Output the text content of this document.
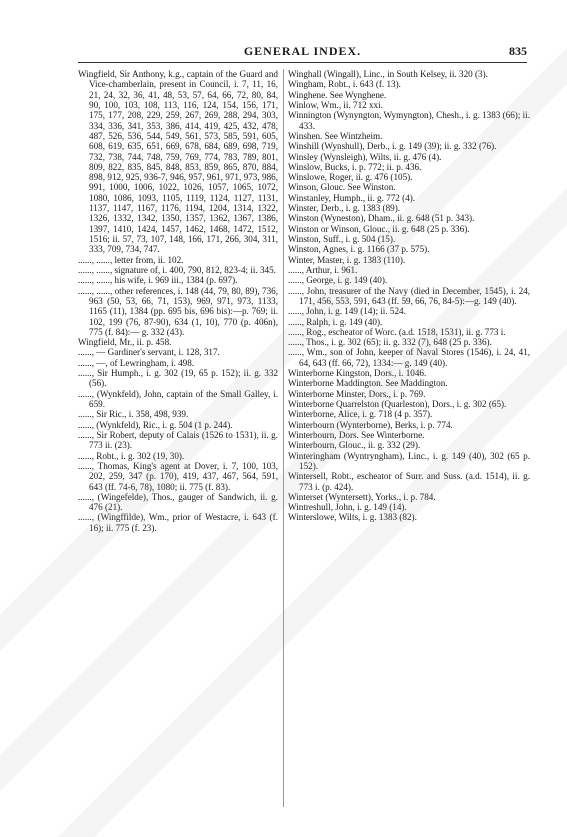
GENERAL INDEX.	835

Wingfield, Sir Anthony, k.g., captain of the Guard and Vice-chamberlain, present in Council, i. 7, 11, 16, 21, 24, 32, 36, 41, 48, 53, 57, 64, 66, 72, 80, 84, 90, 100, 103, 108, 113, 116, 124, 154, 156, 171, 175, 177, 208, 229, 259, 267, 269, 288, 294, 303, 334, 336, 341, 353, 386, 414, 419, 425, 432, 478, 487, 526, 536, 544, 549, 561, 573, 585, 591, 605, 608, 619, 635, 651, 669, 678, 684, 689, 698, 719, 732, 738, 744, 748, 759, 769, 774, 783, 789, 801, 809, 822, 835, 845, 848, 853, 859, 865, 870, 884, 898, 912, 925, 936-7, 946, 957, 961, 971, 973, 986, 991, 1000, 1006, 1022, 1026, 1057, 1065, 1072, 1080, 1086, 1093, 1105, 1119, 1124, 1127, 1131, 1137, 1147, 1167, 1176, 1194, 1204, 1314, 1322, 1326, 1332, 1342, 1350, 1357, 1362, 1367, 1386, 1397, 1410, 1424, 1457, 1462, 1468, 1472, 1512, 1516; ii. 57, 73, 107, 148, 166, 171, 266, 304, 311, 333, 709, 734, 747.

......, ......, letter from, ii. 102.

......, ......, signature of, i. 400, 790, 812, 823-4; ii. 345.

......, ......, his wife, i. 969 iii., 1384 (p. 697).

......, ......, other references, i. 148 (44, 79, 80, 89), 736, 963 (50, 53, 66, 71, 153), 969, 971, 973, 1133, 1165 (11), 1384 (pp. 695 bis, 696 bis):—p. 769; ii. 102, 199 (76, 87-90), 634 (1, 10), 770 (p. 406n), 775 (f. 84):— g. 332 (43).

Wingfield, Mr., ii. p. 458.

......, — Gardiner's servant, i. 128, 317.

......, —, of Lewringham, i. 498.

......, Sir Humph., i. g. 302 (19, 65 p. 152); ii. g. 332 (56).

......, (Wynkfeld), John, captain of the Small Galley, i. 659.

......, Sir Ric., i. 358, 498, 939.

......, (Wynkfeld), Ric., i. g. 504 (1 p. 244).

......, Sir Robert, deputy of Calais (1526 to 1531), ii. g. 773 ii. (23).

......, Robt., i. g. 302 (19, 30).

......, Thomas, King's agent at Dover, i. 7, 100, 103, 202, 259, 347 (p. 170), 419, 437, 467, 564, 591, 643 (ff. 74-6, 78), 1080; ii. 775 (f. 83).

......, (Wingefelde), Thos., gauger of Sandwich, ii. g. 476 (21).

......, (Wingffilde), Wm., prior of Westacre, i. 643 (f. 16); ii. 775 (f. 23).

Winghall (Wingall), Linc., in South Kelsey, ii. 320 (3).

Wingham, Robt., i. 643 (f. 13).

Winghene. See Wynghene.

Winlow, Wm., ii. 712 xxi.

Winnington (Wynyngton, Wymyngton), Chesh., i. g. 1383 (66); ii. 433.

Winshen. See Wintzheim.

Winshill (Wynshull), Derb., i. g. 149 (39); ii. g. 332 (76).

Winsley (Wynsleigh), Wilts, ii. g. 476 (4).

Winslow, Bucks, i. p. 772; ii. p. 436.

Winslowe, Roger, ii. g. 476 (105).

Winson, Glouc. See Winston.

Winstanley, Humph., ii. g. 772 (4).

Winster, Derb., i. g. 1383 (89).

Winston (Wyneston), Dham., ii. g. 648 (51 p. 343).

Winston or Winson, Glouc., ii. g. 648 (25 p. 336).

Winston, Suff., i. g. 504 (15).

Winston, Agnes, i. g. 1166 (37 p. 575).

Winter, Master, i. g. 1383 (110).

......, Arthur, i. 961.

......, George, i. g. 149 (40).

......, John, treasurer of the Navy (died in December, 1545), i. 24, 171, 456, 553, 591, 643 (ff. 59, 66, 76, 84-5):—g. 149 (40).

......, John, i. g. 149 (14); ii. 524.

......, Ralph, i. g. 149 (40).

......, Rog., escheator of Worc. (a.d. 1518, 1531), ii. g. 773 i.

......, Thos., i. g. 302 (65); ii. g. 332 (7), 648 (25 p. 336).

......, Wm., son of John, keeper of Naval Stores (1546), i. 24, 41, 64, 643 (ff. 66, 72), 1334:— g. 149 (40).

Winterborne Kingston, Dors., i. 1046.

Winterborne Maddington. See Maddington.

Winterborne Minster, Dors., i. p. 769.

Winterborne Quarrelston (Quarleston), Dors., i. g. 302 (65).

Winterborne, Alice, i. g. 718 (4 p. 357).

Winterbourn (Wynterborne), Berks, i. p. 774.

Winterbourn, Dors. See Winterborne.

Winterbourn, Glouc., ii. g. 332 (29).

Winteringham (Wyntryngham), Linc., i. g. 149 (40), 302 (65 p. 152).

Wintersell, Robt., escheator of Surr. and Suss. (a.d. 1514), ii. g. 773 i. (p. 424).

Winterset (Wyntersett), Yorks., i. p. 784.

Wintreshull, John, i. g. 149 (14).

Winterslowe, Wilts, i. g. 1383 (82).
